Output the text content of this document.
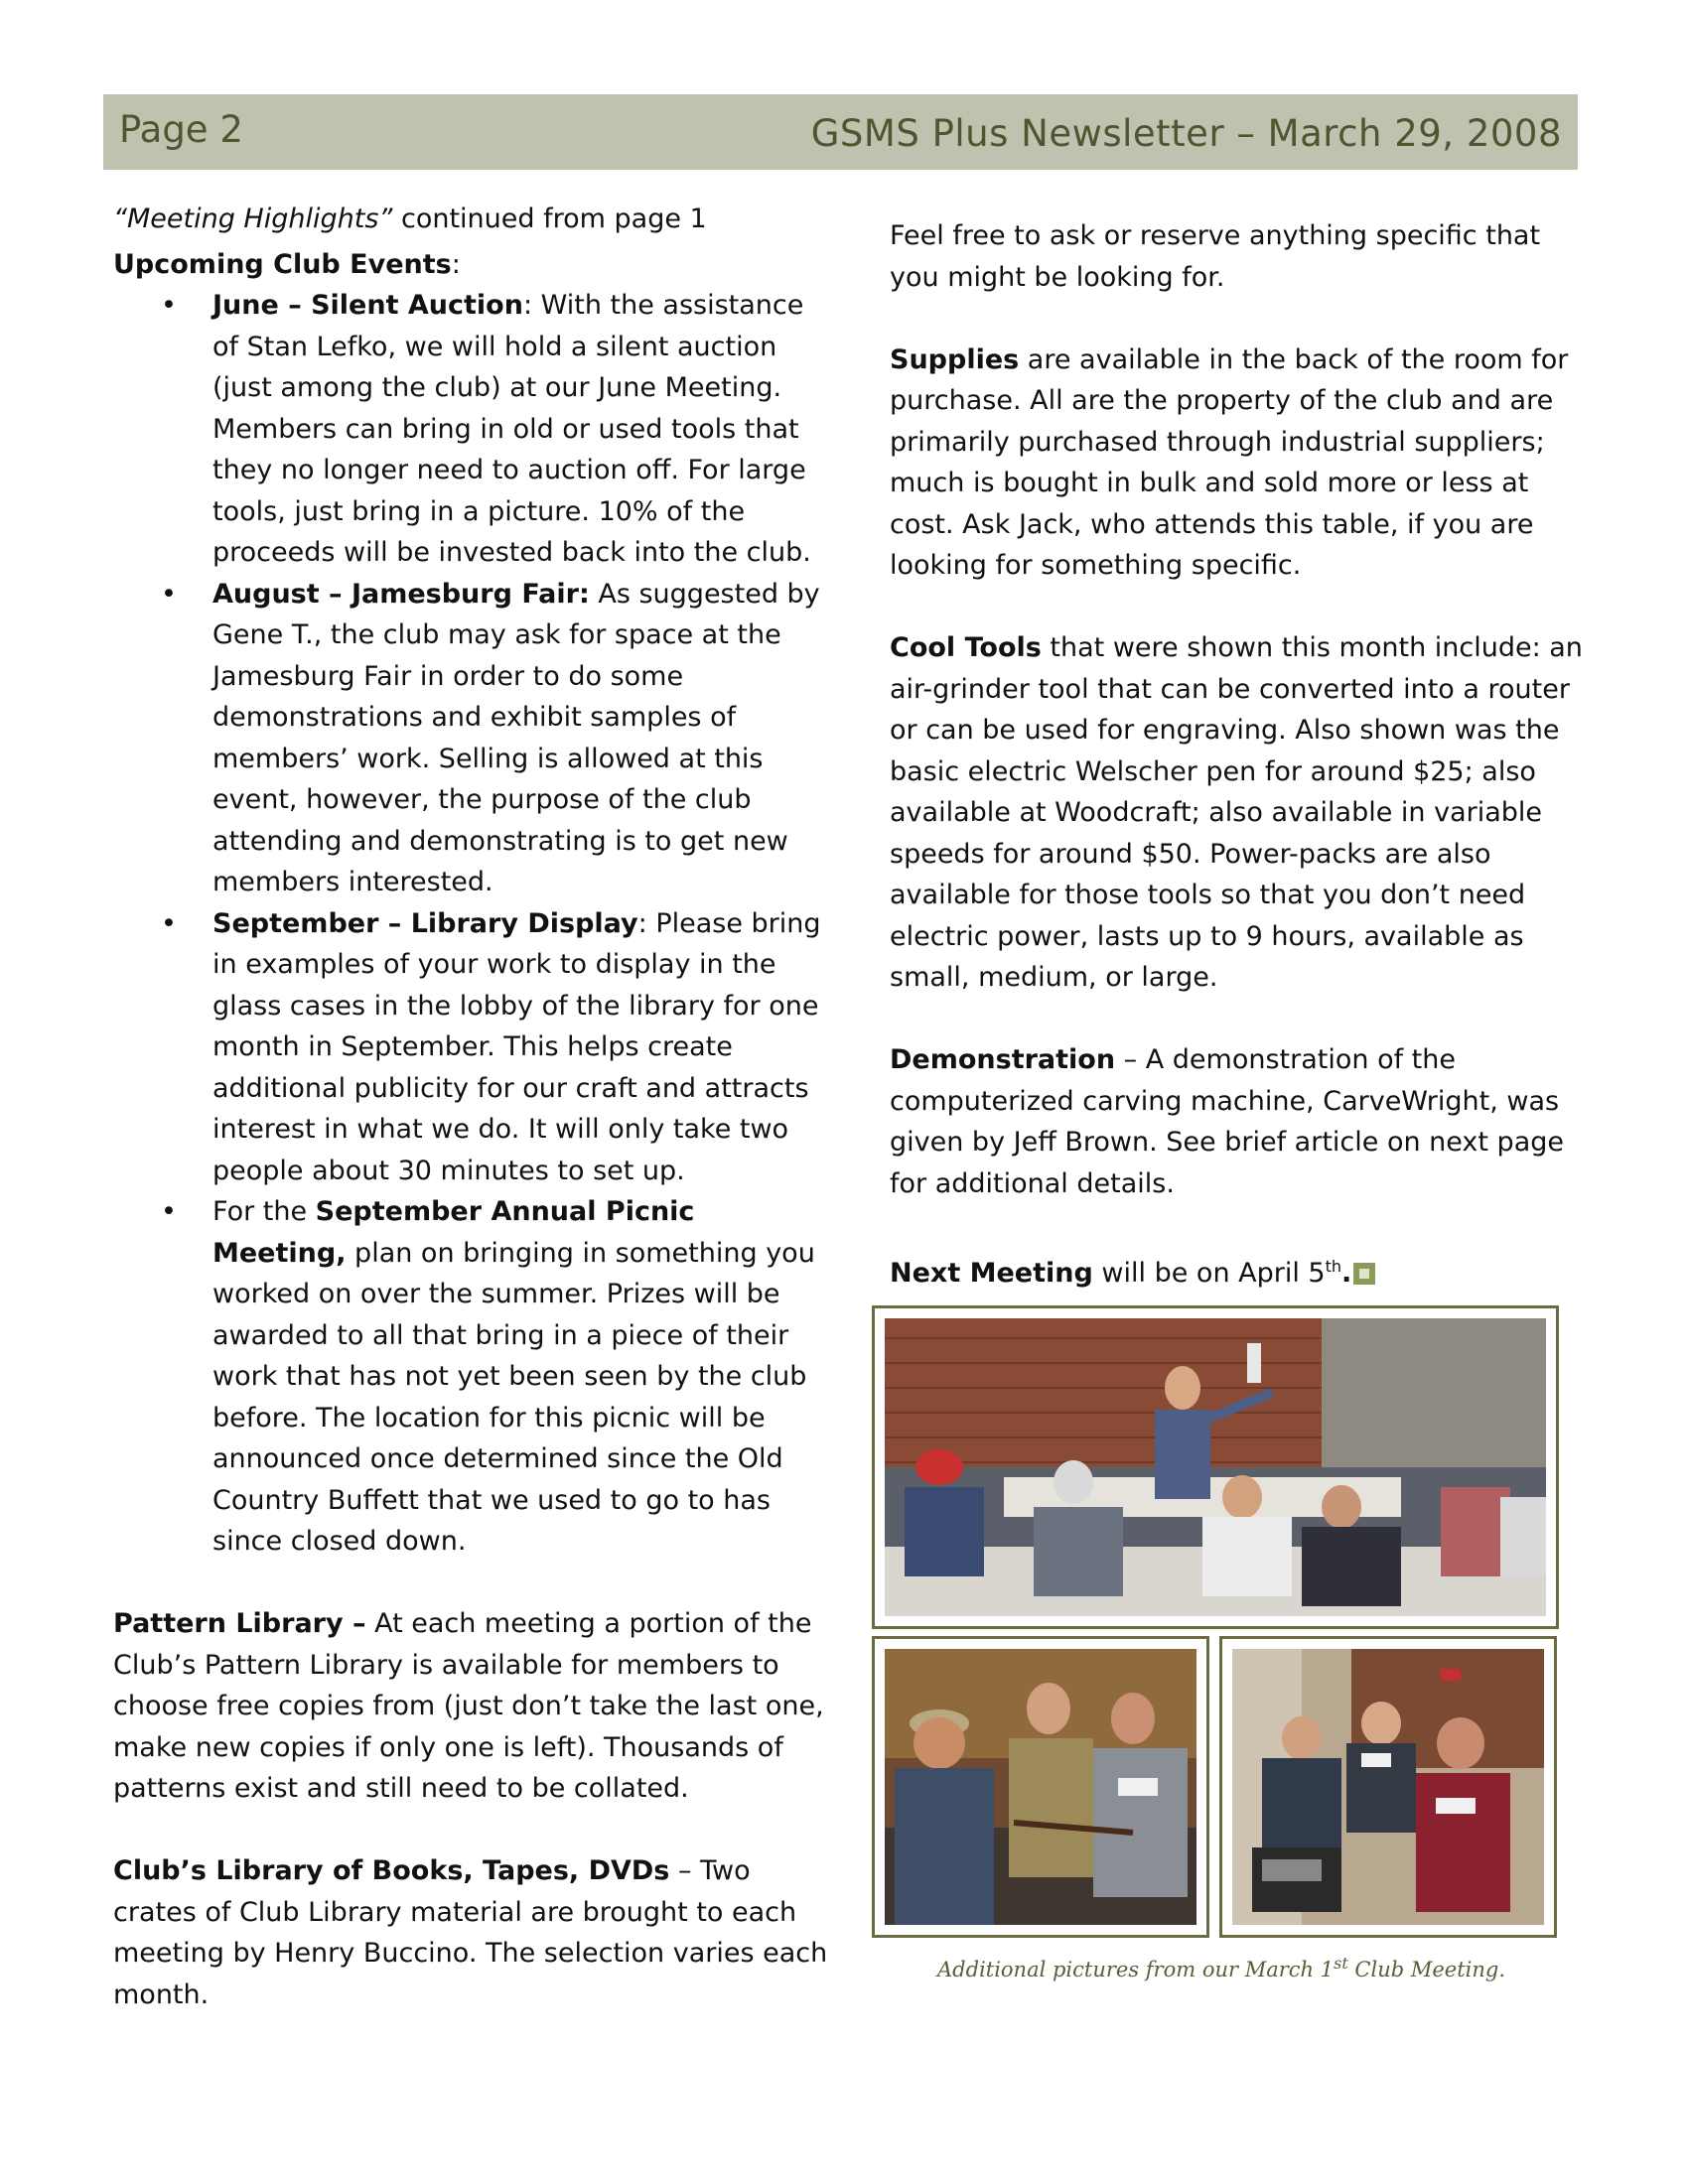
Page 2	GSMS Plus Newsletter – March 29, 2008

“Meeting Highlights” continued from page 1

Upcoming Club Events:

• June – Silent Auction: With the assistance of Stan Lefko, we will hold a silent auction (just among the club) at our June Meeting. Members can bring in old or used tools that they no longer need to auction off. For large tools, just bring in a picture. 10% of the proceeds will be invested back into the club.
• August – Jamesburg Fair: As suggested by Gene T., the club may ask for space at the Jamesburg Fair in order to do some demonstrations and exhibit samples of members’ work. Selling is allowed at this event, however, the purpose of the club attending and demonstrating is to get new members interested.
• September – Library Display: Please bring in examples of your work to display in the glass cases in the lobby of the library for one month in September. This helps create additional publicity for our craft and attracts interest in what we do. It will only take two people about 30 minutes to set up.
• For the September Annual Picnic Meeting, plan on bringing in something you worked on over the summer. Prizes will be awarded to all that bring in a piece of their work that has not yet been seen by the club before. The location for this picnic will be announced once determined since the Old Country Buffett that we used to go to has since closed down.

Pattern Library – At each meeting a portion of the Club’s Pattern Library is available for members to choose free copies from (just don’t take the last one, make new copies if only one is left). Thousands of patterns exist and still need to be collated.

Club’s Library of Books, Tapes, DVDs – Two crates of Club Library material are brought to each meeting by Henry Buccino. The selection varies each month.

Feel free to ask or reserve anything specific that you might be looking for.

Supplies are available in the back of the room for purchase. All are the property of the club and are primarily purchased through industrial suppliers; much is bought in bulk and sold more or less at cost. Ask Jack, who attends this table, if you are looking for something specific.

Cool Tools that were shown this month include: an air-grinder tool that can be converted into a router or can be used for engraving. Also shown was the basic electric Welscher pen for around $25; also available at Woodcraft; also available in variable speeds for around $50. Power-packs are also available for those tools so that you don’t need electric power, lasts up to 9 hours, available as small, medium, or large.

Demonstration – A demonstration of the computerized carving machine, CarveWright, was given by Jeff Brown. See brief article on next page for additional details.

Next Meeting will be on April 5th.

Additional pictures from our March 1st Club Meeting.
